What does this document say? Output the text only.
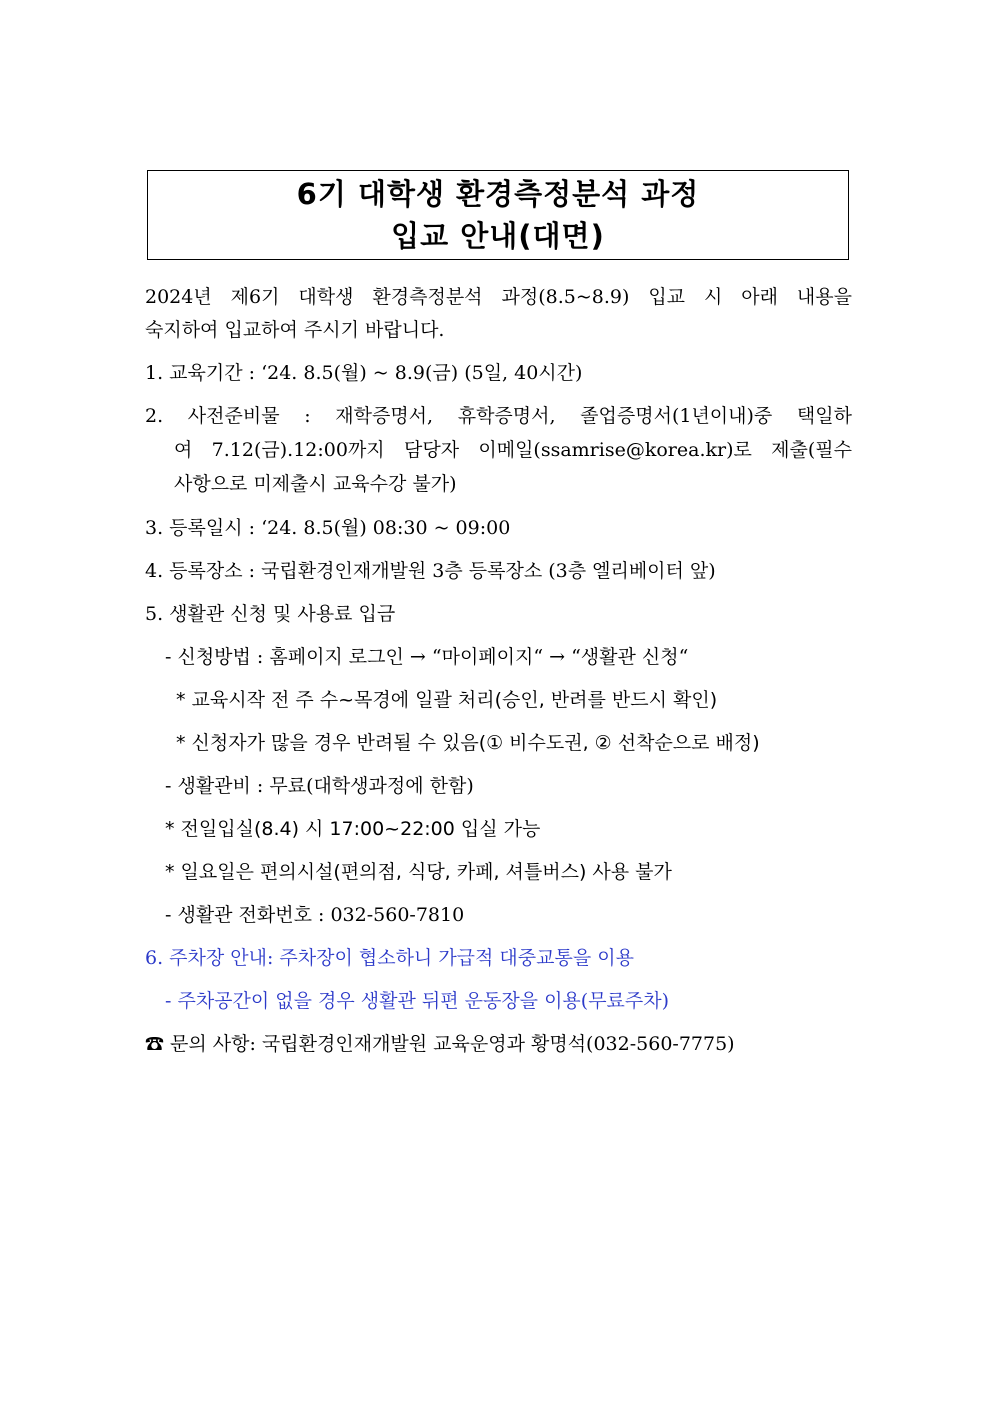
6기 대학생 환경측정분석 과정
입교 안내(대면)
2024년 제6기 대학생 환경측정분석 과정(8.5~8.9) 입교 시 아래 내용을
숙지하여 입교하여 주시기 바랍니다.
1. 교육기간 : ‘24. 8.5(월) ~ 8.9(금) (5일, 40시간)
2. 사전준비물 : 재학증명서, 휴학증명서, 졸업증명서(1년이내)중 택일하
여 7.12(금).12:00까지 담당자 이메일(ssamrise@korea.kr)로 제출(필수
사항으로 미제출시 교육수강 불가)
3. 등록일시 : ‘24. 8.5(월) 08:30 ~ 09:00
4. 등록장소 : 국립환경인재개발원 3층 등록장소 (3층 엘리베이터 앞)
5. 생활관 신청 및 사용료 입금
- 신청방법 : 홈페이지 로그인 → “마이페이지“ → “생활관 신청“
* 교육시작 전 주 수~목경에 일괄 처리(승인, 반려를 반드시 확인)
* 신청자가 많을 경우 반려될 수 있음(① 비수도권, ② 선착순으로 배정)
- 생활관비 : 무료(대학생과정에 한함)
* 전일입실(8.4) 시 17:00~22:00 입실 가능
* 일요일은 편의시설(편의점, 식당, 카페, 셔틀버스) 사용 불가
- 생활관 전화번호 : 032-560-7810
6. 주차장 안내: 주차장이 협소하니 가급적 대중교통을 이용
- 주차공간이 없을 경우 생활관 뒤편 운동장을 이용(무료주차)
☎ 문의 사항: 국립환경인재개발원 교육운영과 황명석(032-560-7775)
